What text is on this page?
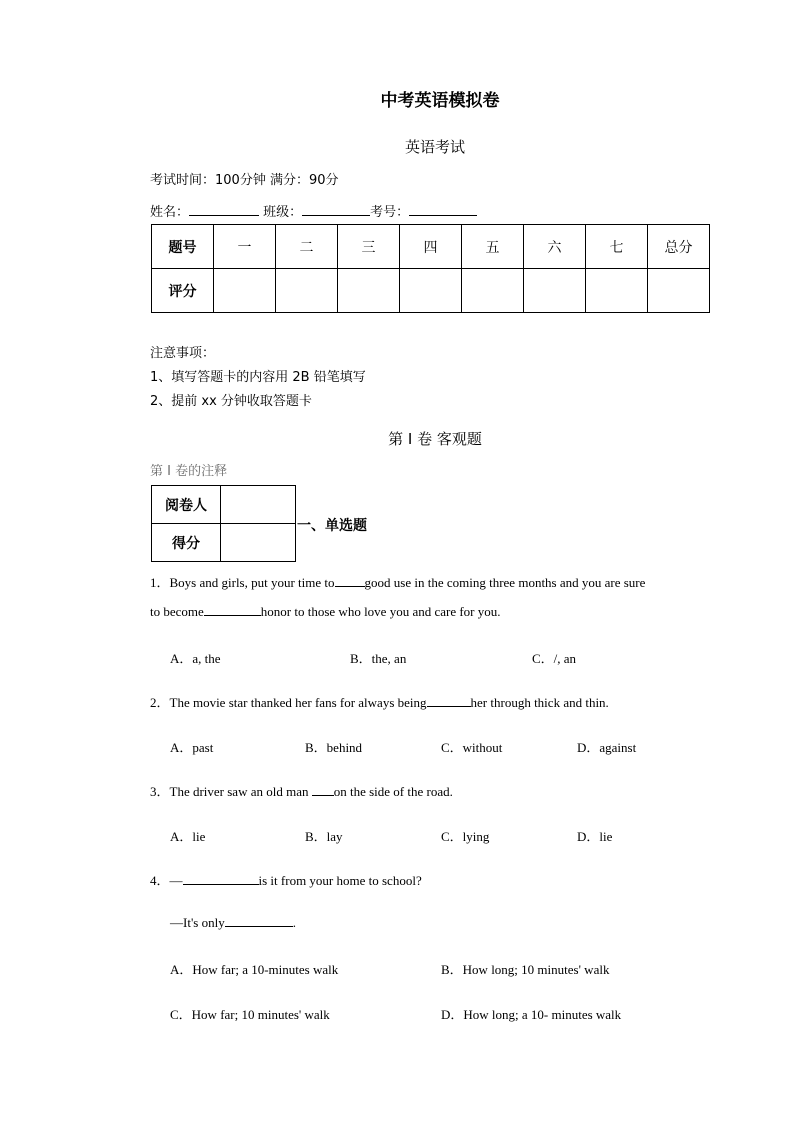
中考英语模拟卷
英语考试
考试时间：100分钟 满分：90分
姓名：	班级：	考号：
题号	一	二	三	四	五	六	七	总分
评分								
注意事项：
1、填写答题卡的内容用 2B 铅笔填写
2、提前 xx 分钟收取答题卡
第 I 卷 客观题
第 I 卷的注释
阅卷人	
得分	
一、单选题
1．Boys and girls, put your time to good use in the coming three months and you are sure
to become	honor to those who love you and care for you.
A．a, the	B．the, an	C．/, an
2．The movie star thanked her fans for always being	her through thick and thin.
A．past	B．behind	C．without	D．against
3．The driver saw an old man on the side of the road.
A．lie	B．lay	C．lying	D．lie
4．—	is it from your home to school?
—It's only	.
A．How far; a 10-minutes walk	B．How long; 10 minutes' walk
C．How far; 10 minutes' walk	D．How long; a 10- minutes walk
